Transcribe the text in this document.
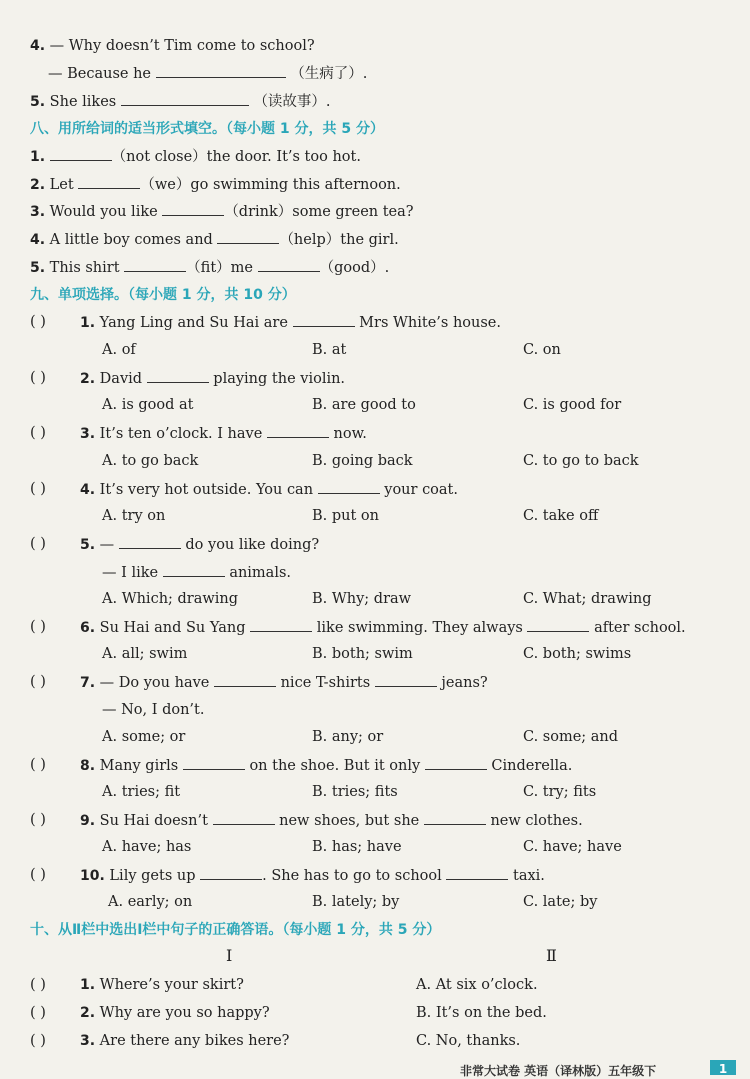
4. — Why doesn’t Tim come to school?
— Because he	（生病了）.
5. She likes	（读故事）.
八、用所给词的适当形式填空。（每小题 1 分，共 5 分）
1.	（not close）the door. It’s too hot.
2. Let	（we）go swimming this afternoon.
3. Would you like	（drink）some green tea?
4. A little boy comes and	（help）the girl.
5. This shirt	（fit）me	（good）.
九、单项选择。（每小题 1 分，共 10 分）
( ) 1. Yang Ling and Su Hai are	Mrs White’s house.
A. of	B. at	C. on
( ) 2. David	playing the violin.
A. is good at	B. are good to	C. is good for
( ) 3. It’s ten o’clock. I have	now.
A. to go back	B. going back	C. to go to back
( ) 4. It’s very hot outside. You can	your coat.
A. try on	B. put on	C. take off
( ) 5. —	do you like doing?
— I like	animals.
A. Which; drawing	B. Why; draw	C. What; drawing
( ) 6. Su Hai and Su Yang	like swimming. They always	after school.
A. all; swim	B. both; swim	C. both; swims
( ) 7. — Do you have	nice T-shirts	jeans?
— No, I don’t.
A. some; or	B. any; or	C. some; and
( ) 8. Many girls	on the shoe. But it only	Cinderella.
A. tries; fit	B. tries; fits	C. try; fits
( ) 9. Su Hai doesn’t	new shoes, but she	new clothes.
A. have; has	B. has; have	C. have; have
( ) 10. Lily gets up	. She has to go to school	taxi.
A. early; on	B. lately; by	C. late; by
十、从Ⅱ栏中选出Ⅰ栏中句子的正确答语。（每小题 1 分，共 5 分）
Ⅰ	Ⅱ
( ) 1. Where’s your skirt?	A. At six o’clock.
( ) 2. Why are you so happy?	B. It’s on the bed.
( ) 3. Are there any bikes here?	C. No, thanks.
非常大试卷 英语（译林版）五年级下	1
